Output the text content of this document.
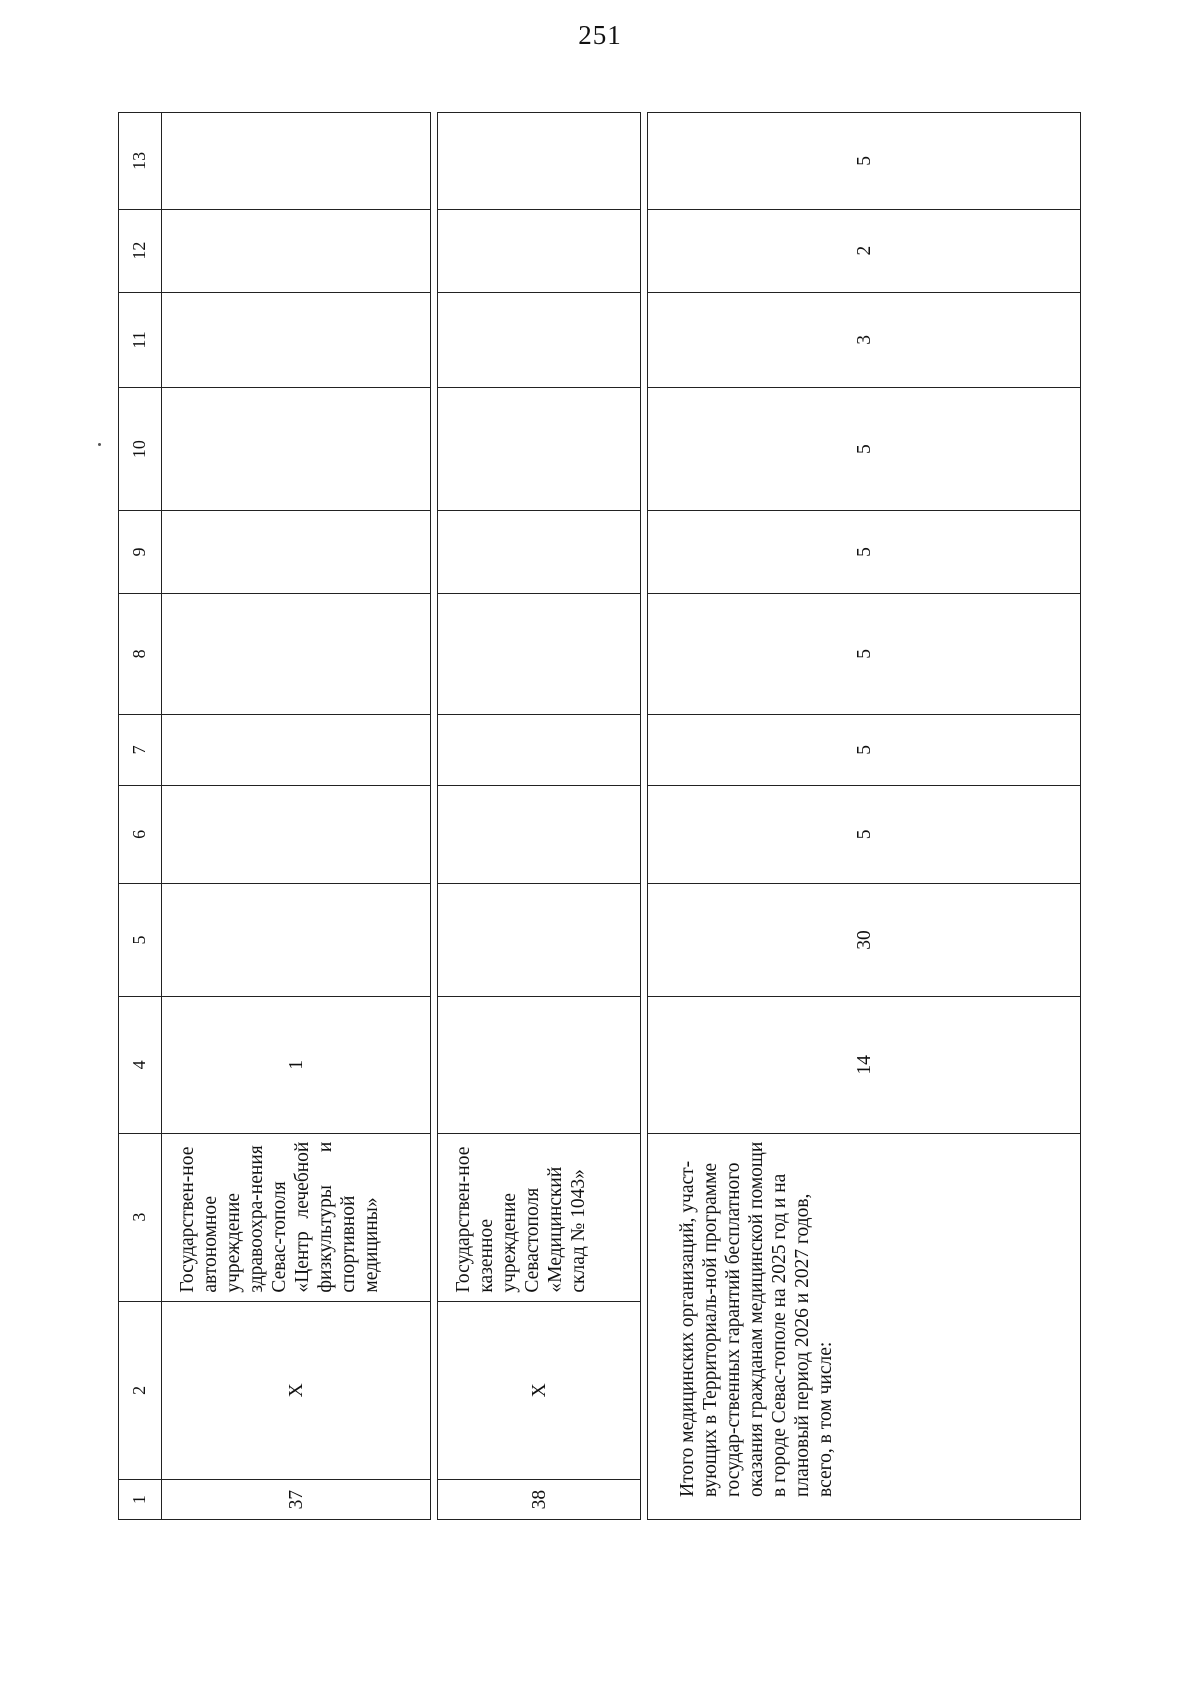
251
1	2	3	4	5	6	7	8	9	10	11	12	13
37	X	Государствен-ное автономное учреждение здравоохра-нения Севас-тополя «Центр лечебной физкультуры и спортивной медицины»	1									

38	X	Государствен-ное казенное учреждение Севастополя «Медицинский склад № 1043»										

Итого медицинских организаций, участ-вующих в Территориаль-ной программе государ-ственных гарантий бесплатного оказания гражданам медицинской помощи в городе Севас-тополе на 2025 год и на плановый период 2026 и 2027 годов, всего, в том числе:			14	30	5	5	5	5	5	3	2	5
